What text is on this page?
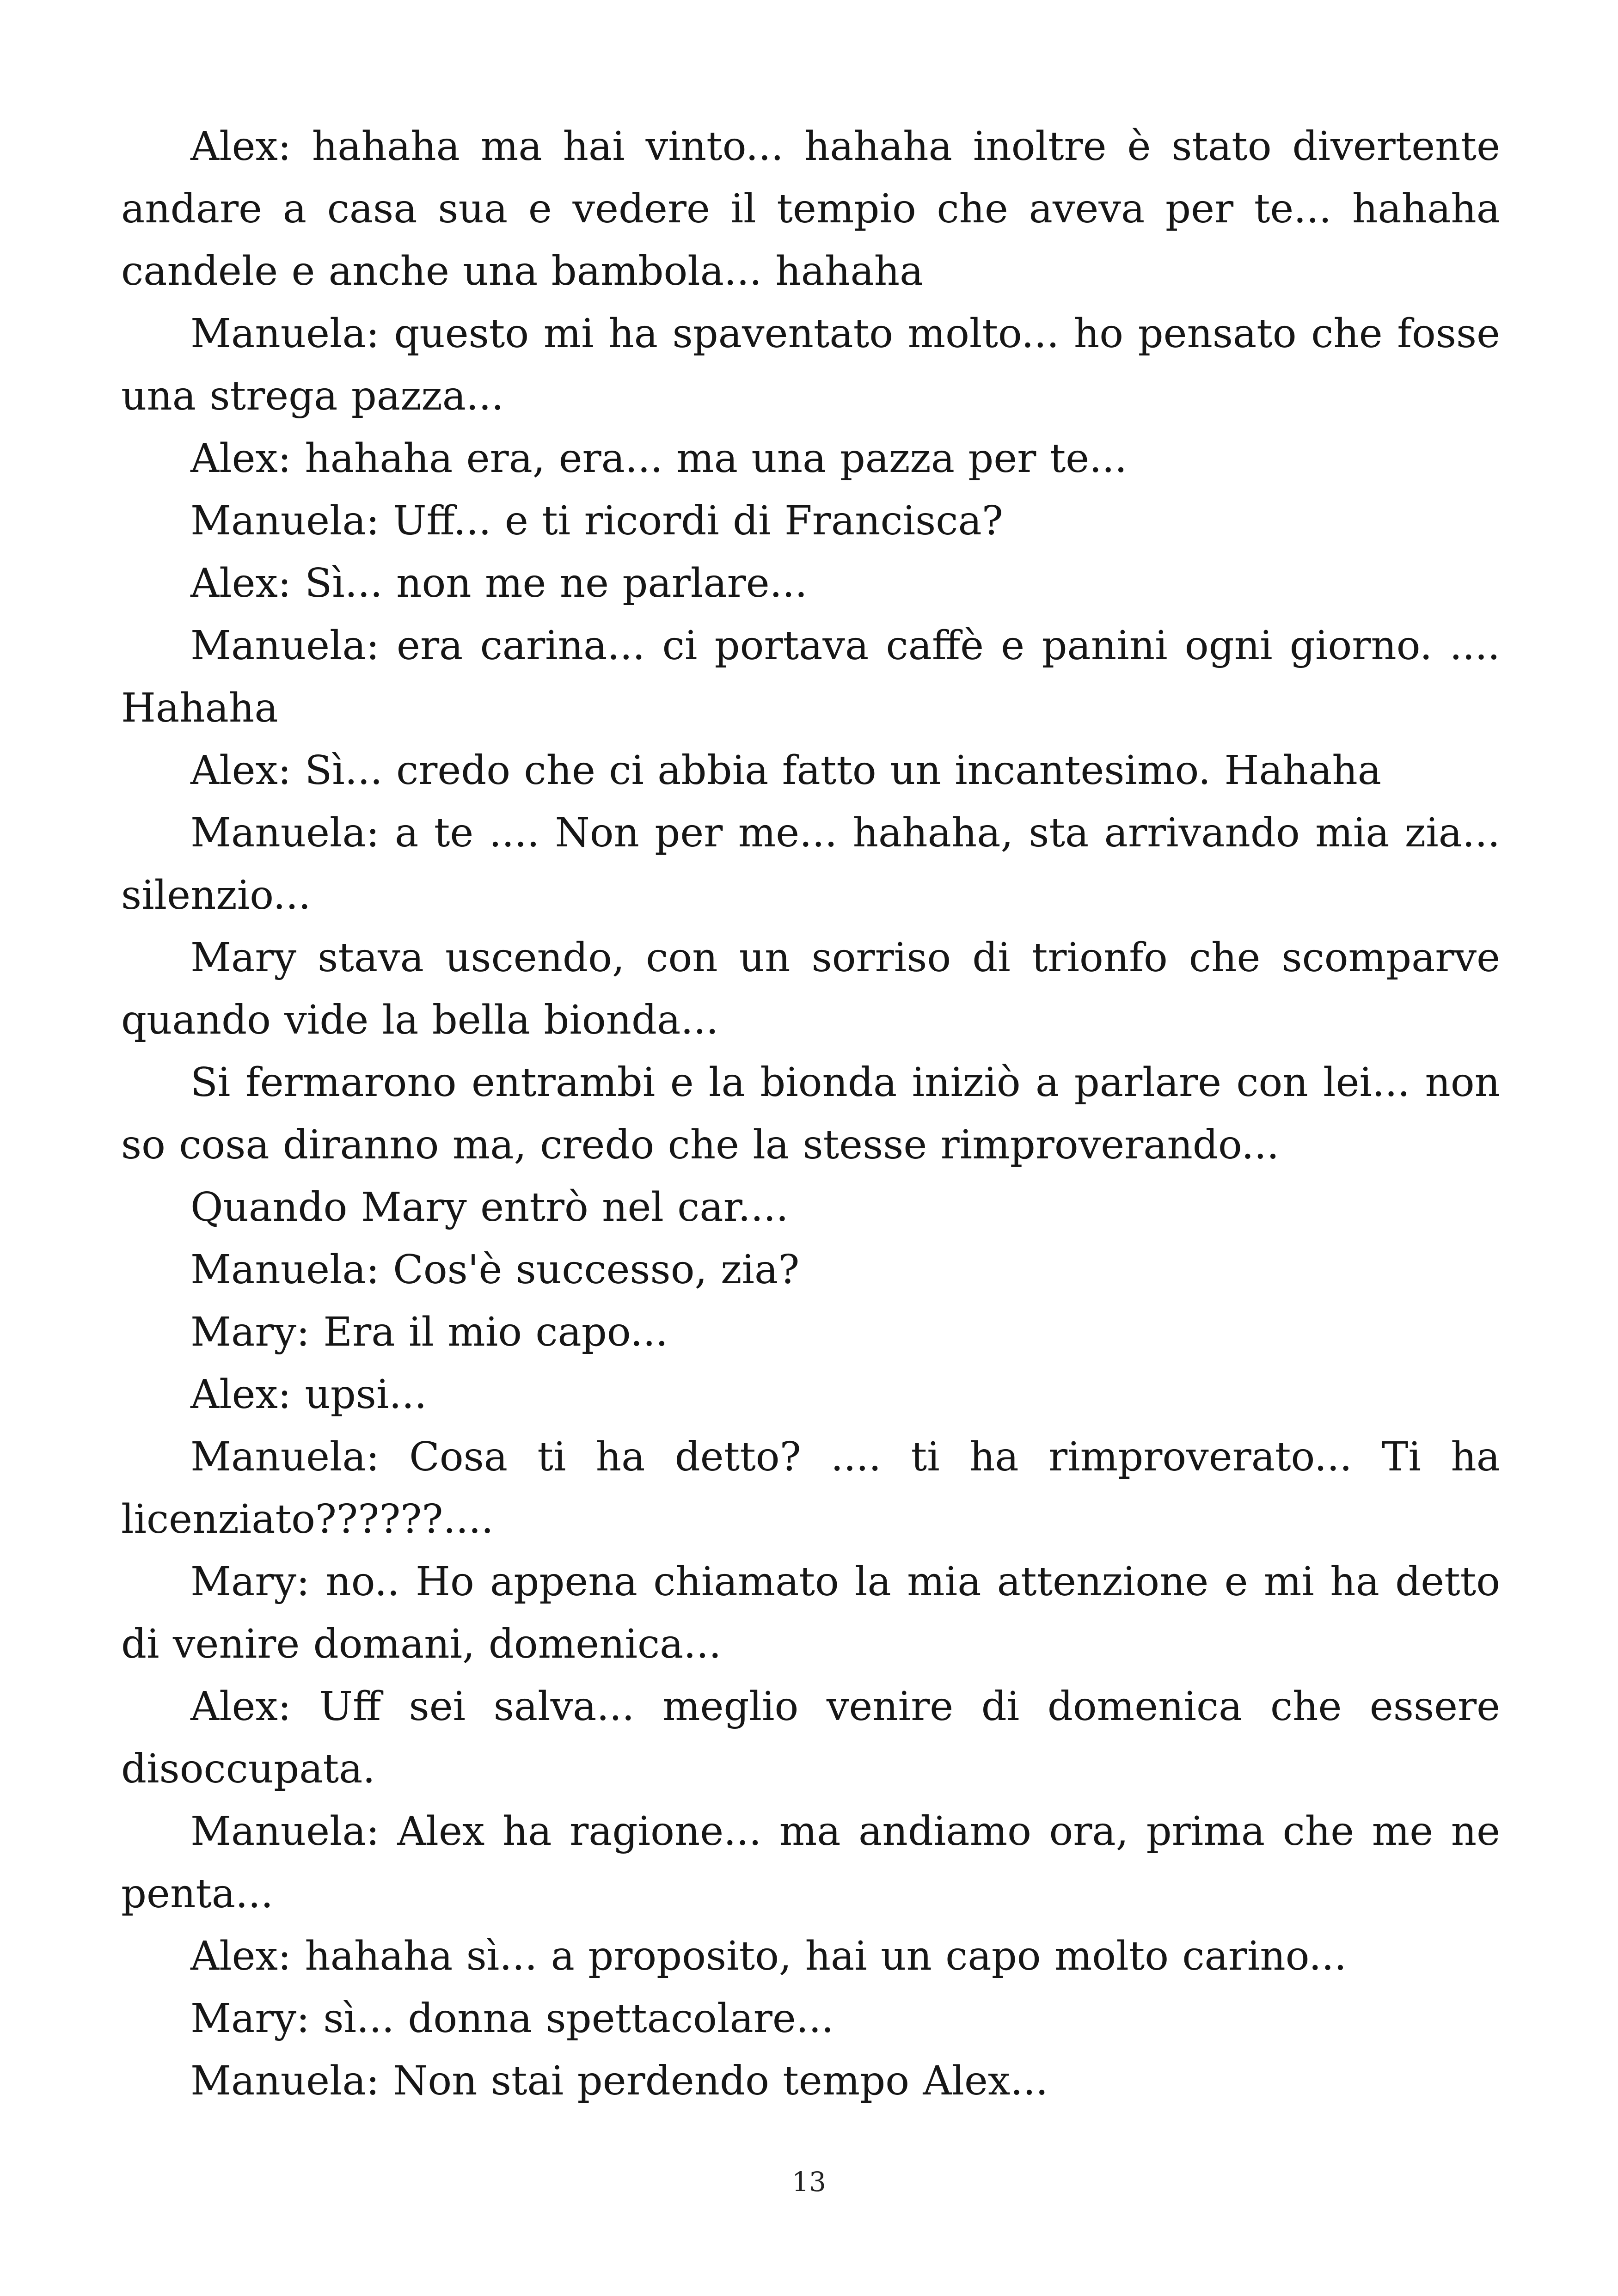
Alex: hahaha ma hai vinto... hahaha inoltre è stato divertente andare a casa sua e vedere il tempio che aveva per te... hahaha candele e anche una bambola... hahaha

Manuela: questo mi ha spaventato molto... ho pensato che fosse una strega pazza...

Alex: hahaha era, era... ma una pazza per te...

Manuela: Uff... e ti ricordi di Francisca?

Alex: Sì... non me ne parlare...

Manuela: era carina... ci portava caffè e panini ogni giorno. .... Hahaha

Alex: Sì... credo che ci abbia fatto un incantesimo. Hahaha

Manuela: a te .... Non per me... hahaha, sta arrivando mia zia... silenzio...

Mary stava uscendo, con un sorriso di trionfo che scomparve quando vide la bella bionda...

Si fermarono entrambi e la bionda iniziò a parlare con lei... non so cosa diranno ma, credo che la stesse rimproverando...

Quando Mary entrò nel car....

Manuela: Cos'è successo, zia?

Mary: Era il mio capo...

Alex: upsi...

Manuela: Cosa ti ha detto? .... ti ha rimproverato... Ti ha licenziato??????....

Mary: no.. Ho appena chiamato la mia attenzione e mi ha detto di venire domani, domenica...

Alex: Uff sei salva... meglio venire di domenica che essere disoccupata.

Manuela: Alex ha ragione... ma andiamo ora, prima che me ne penta...

Alex: hahaha sì... a proposito, hai un capo molto carino...

Mary: sì... donna spettacolare...

Manuela: Non stai perdendo tempo Alex...

13
